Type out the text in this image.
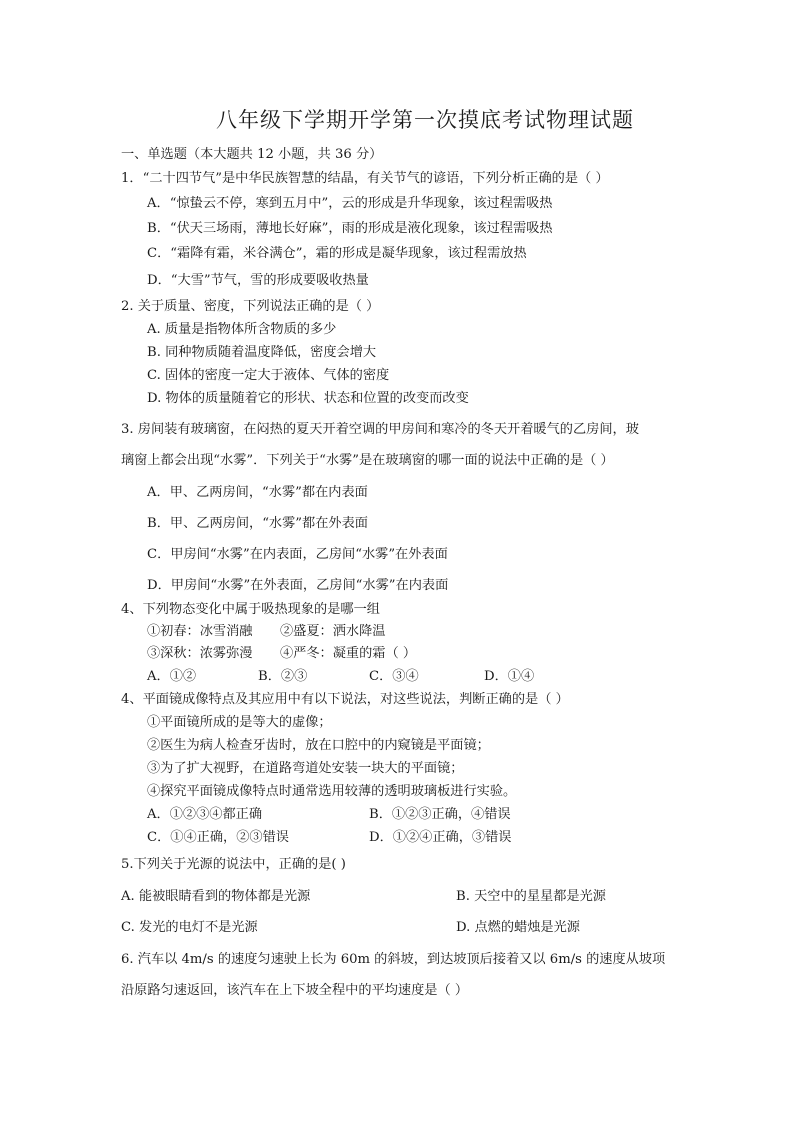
八年级下学期开学第一次摸底考试物理试题
一、单选题（本大题共 12 小题，共 36 分）
1．“二十四节气”是中华民族智慧的结晶，有关节气的谚语，下列分析正确的是（ ）
A．“惊蛰云不停，寒到五月中”，云的形成是升华现象，该过程需吸热
B．“伏天三场雨，薄地长好麻”，雨的形成是液化现象，该过程需吸热
C．“霜降有霜，米谷满仓”，霜的形成是凝华现象，该过程需放热
D．“大雪”节气，雪的形成要吸收热量
2. 关于质量、密度，下列说法正确的是（ ）
A. 质量是指物体所含物质的多少
B. 同种物质随着温度降低，密度会增大
C. 固体的密度一定大于液体、气体的密度
D. 物体的质量随着它的形状、状态和位置的改变而改变
3. 房间装有玻璃窗，在闷热的夏天开着空调的甲房间和寒冷的冬天开着暖气的乙房间，玻
璃窗上都会出现“水雾”．下列关于“水雾”是在玻璃窗的哪一面的说法中正确的是（ ）
A．甲、乙两房间，“水雾”都在内表面
B．甲、乙两房间，“水雾”都在外表面
C．甲房间“水雾”在内表面，乙房间“水雾”在外表面
D．甲房间“水雾”在外表面，乙房间“水雾”在内表面
4、下列物态变化中属于吸热现象的是哪一组
①初春：冰雪消融 ②盛夏：洒水降温
③深秋：浓雾弥漫 ④严冬：凝重的霜（ ）
A．①②	B．②③	C．③④	D．①④
4、平面镜成像特点及其应用中有以下说法，对这些说法，判断正确的是（ ）
①平面镜所成的是等大的虚像；
②医生为病人检查牙齿时，放在口腔中的内窥镜是平面镜；
③为了扩大视野，在道路弯道处安装一块大的平面镜；
④探究平面镜成像特点时通常选用较薄的透明玻璃板进行实验。
A．①②③④都正确	B．①②③正确，④错误
C．①④正确，②③错误	D．①②④正确，③错误
5.下列关于光源的说法中，正确的是( )
A. 能被眼睛看到的物体都是光源	B. 天空中的星星都是光源
C. 发光的电灯不是光源	D. 点燃的蜡烛是光源
6. 汽车以 4m/s 的速度匀速驶上长为 60m 的斜坡，到达坡顶后接着又以 6m/s 的速度从坡项
沿原路匀速返回，该汽车在上下坡全程中的平均速度是（ ）
